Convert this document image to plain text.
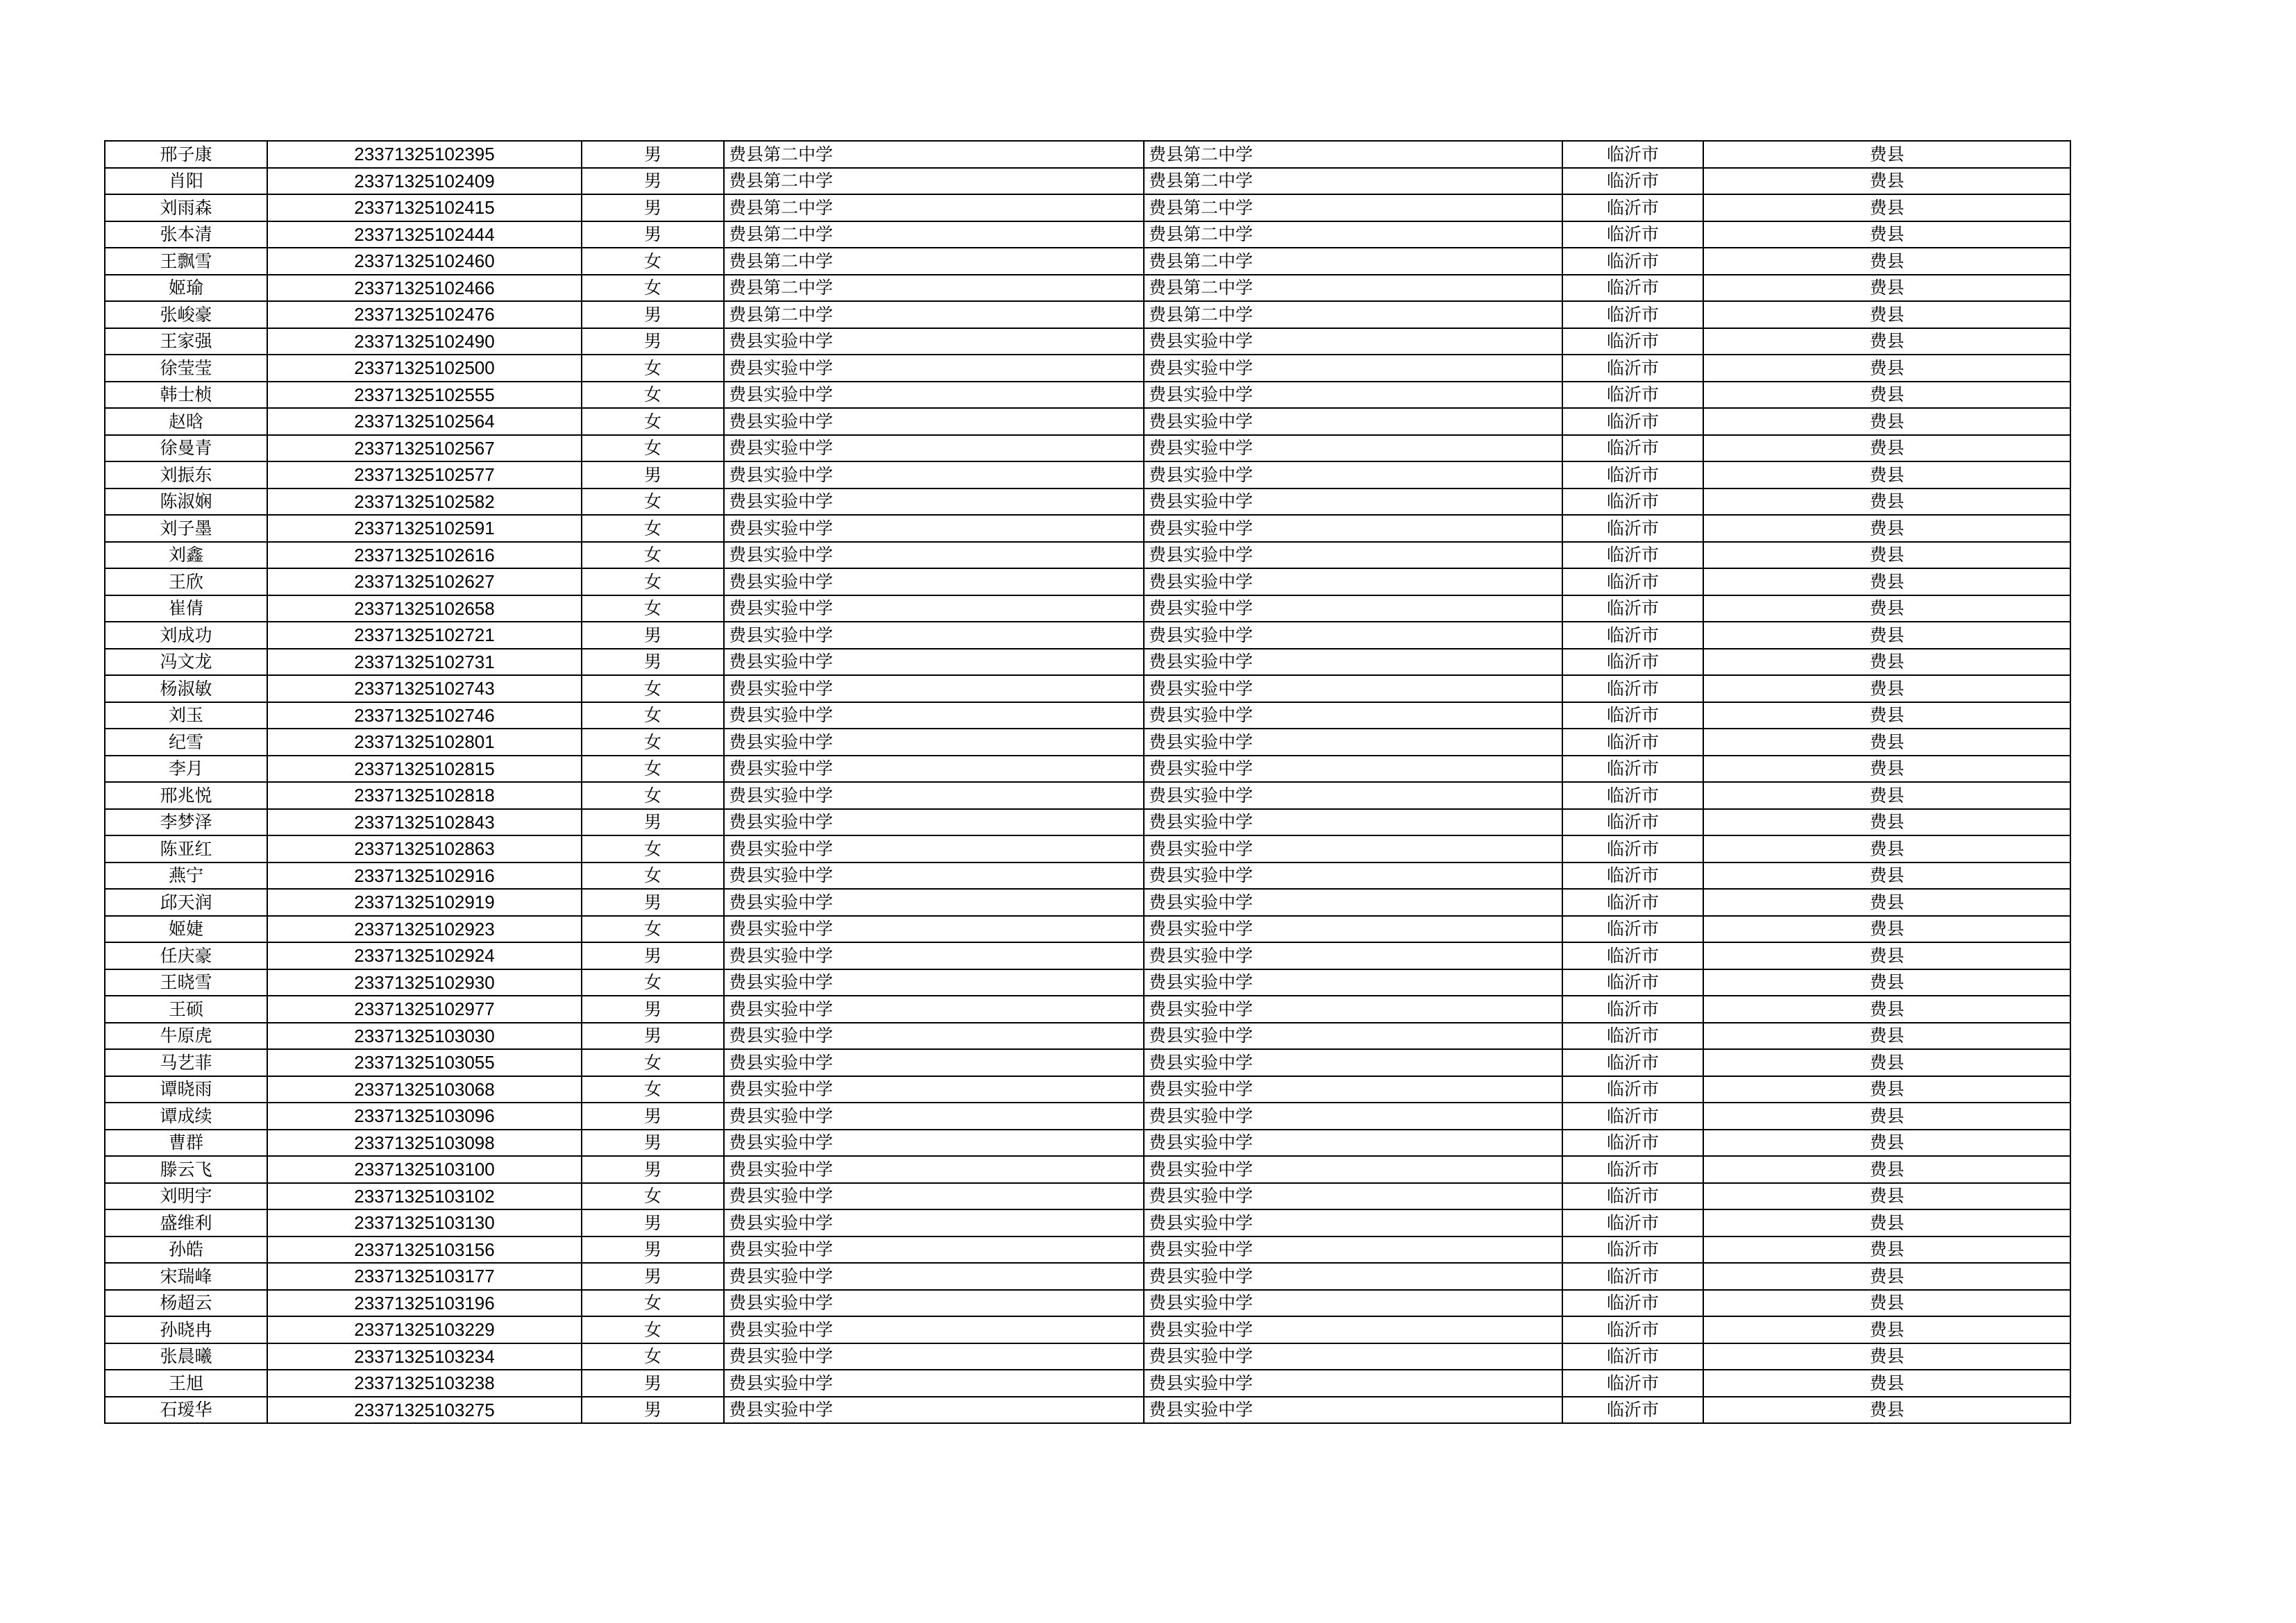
邢子康	23371325102395	男	费县第二中学	费县第二中学	临沂市	费县
肖阳	23371325102409	男	费县第二中学	费县第二中学	临沂市	费县
刘雨森	23371325102415	男	费县第二中学	费县第二中学	临沂市	费县
张本清	23371325102444	男	费县第二中学	费县第二中学	临沂市	费县
王飘雪	23371325102460	女	费县第二中学	费县第二中学	临沂市	费县
姬瑜	23371325102466	女	费县第二中学	费县第二中学	临沂市	费县
张峻豪	23371325102476	男	费县第二中学	费县第二中学	临沂市	费县
王家强	23371325102490	男	费县实验中学	费县实验中学	临沂市	费县
徐莹莹	23371325102500	女	费县实验中学	费县实验中学	临沂市	费县
韩士桢	23371325102555	女	费县实验中学	费县实验中学	临沂市	费县
赵晗	23371325102564	女	费县实验中学	费县实验中学	临沂市	费县
徐曼青	23371325102567	女	费县实验中学	费县实验中学	临沂市	费县
刘振东	23371325102577	男	费县实验中学	费县实验中学	临沂市	费县
陈淑娴	23371325102582	女	费县实验中学	费县实验中学	临沂市	费县
刘子墨	23371325102591	女	费县实验中学	费县实验中学	临沂市	费县
刘鑫	23371325102616	女	费县实验中学	费县实验中学	临沂市	费县
王欣	23371325102627	女	费县实验中学	费县实验中学	临沂市	费县
崔倩	23371325102658	女	费县实验中学	费县实验中学	临沂市	费县
刘成功	23371325102721	男	费县实验中学	费县实验中学	临沂市	费县
冯文龙	23371325102731	男	费县实验中学	费县实验中学	临沂市	费县
杨淑敏	23371325102743	女	费县实验中学	费县实验中学	临沂市	费县
刘玉	23371325102746	女	费县实验中学	费县实验中学	临沂市	费县
纪雪	23371325102801	女	费县实验中学	费县实验中学	临沂市	费县
李月	23371325102815	女	费县实验中学	费县实验中学	临沂市	费县
邢兆悦	23371325102818	女	费县实验中学	费县实验中学	临沂市	费县
李梦泽	23371325102843	男	费县实验中学	费县实验中学	临沂市	费县
陈亚红	23371325102863	女	费县实验中学	费县实验中学	临沂市	费县
燕宁	23371325102916	女	费县实验中学	费县实验中学	临沂市	费县
邱天润	23371325102919	男	费县实验中学	费县实验中学	临沂市	费县
姬婕	23371325102923	女	费县实验中学	费县实验中学	临沂市	费县
任庆豪	23371325102924	男	费县实验中学	费县实验中学	临沂市	费县
王晓雪	23371325102930	女	费县实验中学	费县实验中学	临沂市	费县
王硕	23371325102977	男	费县实验中学	费县实验中学	临沂市	费县
牛原虎	23371325103030	男	费县实验中学	费县实验中学	临沂市	费县
马艺菲	23371325103055	女	费县实验中学	费县实验中学	临沂市	费县
谭晓雨	23371325103068	女	费县实验中学	费县实验中学	临沂市	费县
谭成续	23371325103096	男	费县实验中学	费县实验中学	临沂市	费县
曹群	23371325103098	男	费县实验中学	费县实验中学	临沂市	费县
滕云飞	23371325103100	男	费县实验中学	费县实验中学	临沂市	费县
刘明宇	23371325103102	女	费县实验中学	费县实验中学	临沂市	费县
盛维利	23371325103130	男	费县实验中学	费县实验中学	临沂市	费县
孙皓	23371325103156	男	费县实验中学	费县实验中学	临沂市	费县
宋瑞峰	23371325103177	男	费县实验中学	费县实验中学	临沂市	费县
杨超云	23371325103196	女	费县实验中学	费县实验中学	临沂市	费县
孙晓冉	23371325103229	女	费县实验中学	费县实验中学	临沂市	费县
张晨曦	23371325103234	女	费县实验中学	费县实验中学	临沂市	费县
王旭	23371325103238	男	费县实验中学	费县实验中学	临沂市	费县
石瑷华	23371325103275	男	费县实验中学	费县实验中学	临沂市	费县
